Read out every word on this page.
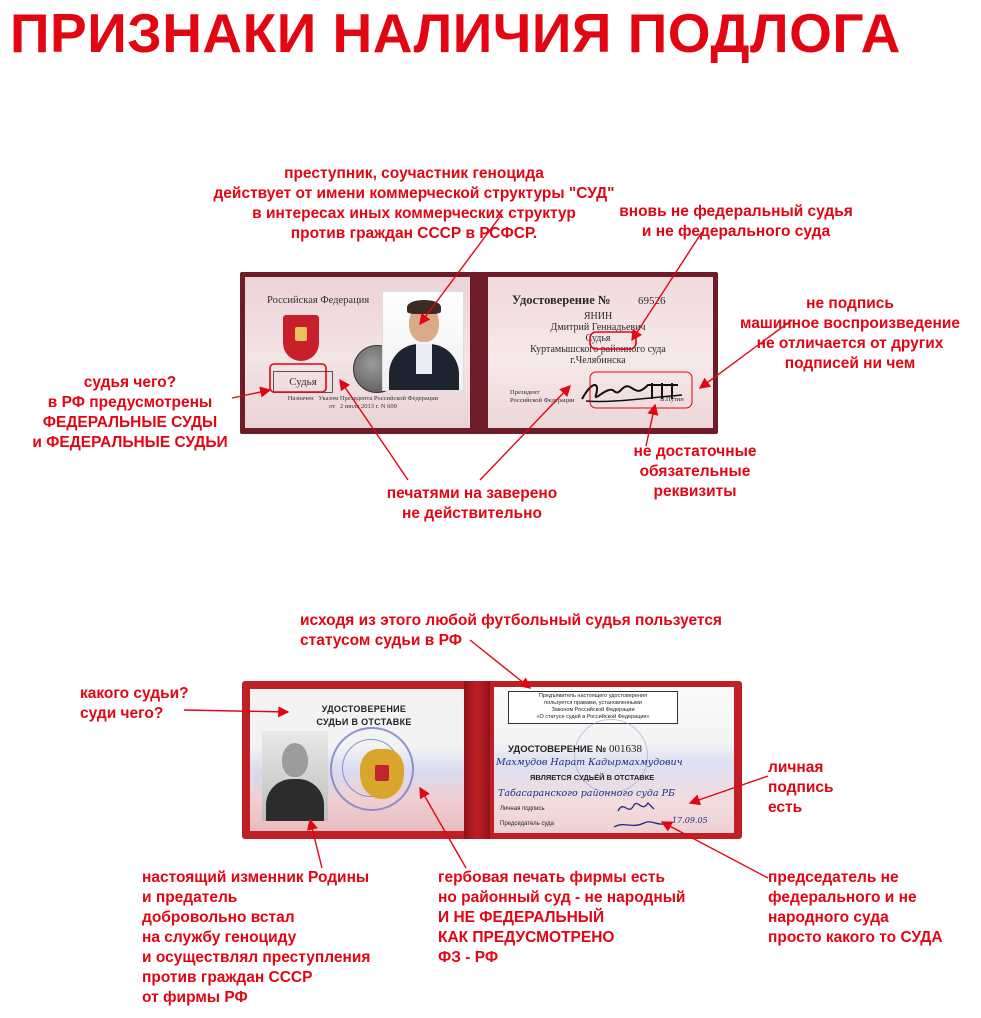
ПРИЗНАКИ НАЛИЧИЯ ПОДЛОГА
Российская Федерация
Судья
Назначен   Указом Президента Российской Федерации
от   2 июля 2013 г. N 600
Удостоверение №	69526
ЯНИН
Дмитрий Геннадьевич
Судья
Куртамышского районного суда
г.Челябинска
Президент
Российской Федерации	В.Путин
УДОСТОВЕРЕНИЕ
СУДЬИ В ОТСТАВКЕ
Предъявитель настоящего удостоверения
пользуется правами, установленными
Законом Российской Федерации
«О статусе судей в Российской Федерации»
УДОСТОВЕРЕНИЕ № 001638
Махмудов Нарат Кадырмахмудович
ЯВЛЯЕТСЯ СУДЬЁЙ В ОТСТАВКЕ
Табасаранского районного суда РБ
Личная подпись
Председатель суда	17.09.05
преступник, соучастник геноцида
действует от имени коммерческой структуры "СУД"
в интересах иных коммерческих структур
против граждан СССР в РСФСР.
вновь не федеральный судья
и не федерального суда
не подпись
машинное воспроизведение
не отличается от других
подписей ни чем
судья чего?
в РФ предусмотрены
ФЕДЕРАЛЬНЫЕ СУДЫ
и ФЕДЕРАЛЬНЫЕ СУДЬИ
не достаточные
обязательные
реквизиты
печатями на заверено
не действительно
исходя из этого любой футбольный судья пользуется
статусом судьи в РФ
какого судьи?
суди чего?
личная
подпись
есть
настоящий изменник Родины
и предатель
добровольно встал
на службу геноциду
и осуществлял преступления
против граждан СССР
от фирмы РФ
гербовая печать фирмы есть
но районный суд - не народный
И НЕ ФЕДЕРАЛЬНЫЙ
КАК ПРЕДУСМОТРЕНО
ФЗ - РФ
председатель не
федерального и не
народного суда
просто какого то СУДА
